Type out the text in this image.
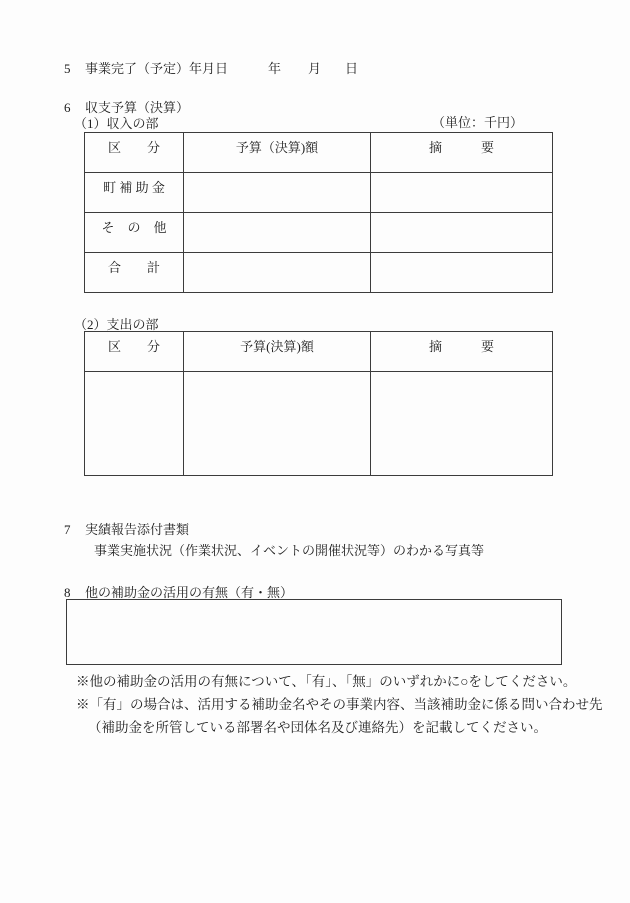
5 事業完了（予定）年月日	年 月 日
6 収支予算（決算）
（1）収入の部	（単位：千円）
区　　分	予算（決算)額	摘　　　要
町 補 助 金
そ　の　他
合　　計
（2）支出の部
区　　分	予算(決算)額	摘　　　要
7 実績報告添付書類
事業実施状況（作業状況、イベントの開催状況等）のわかる写真等
8 他の補助金の活用の有無（有・無）
※他の補助金の活用の有無について、「有」、「無」のいずれかに○をしてください。
※「有」の場合は、活用する補助金名やその事業内容、当該補助金に係る問い合わせ先
（補助金を所管している部署名や団体名及び連絡先）を記載してください。
